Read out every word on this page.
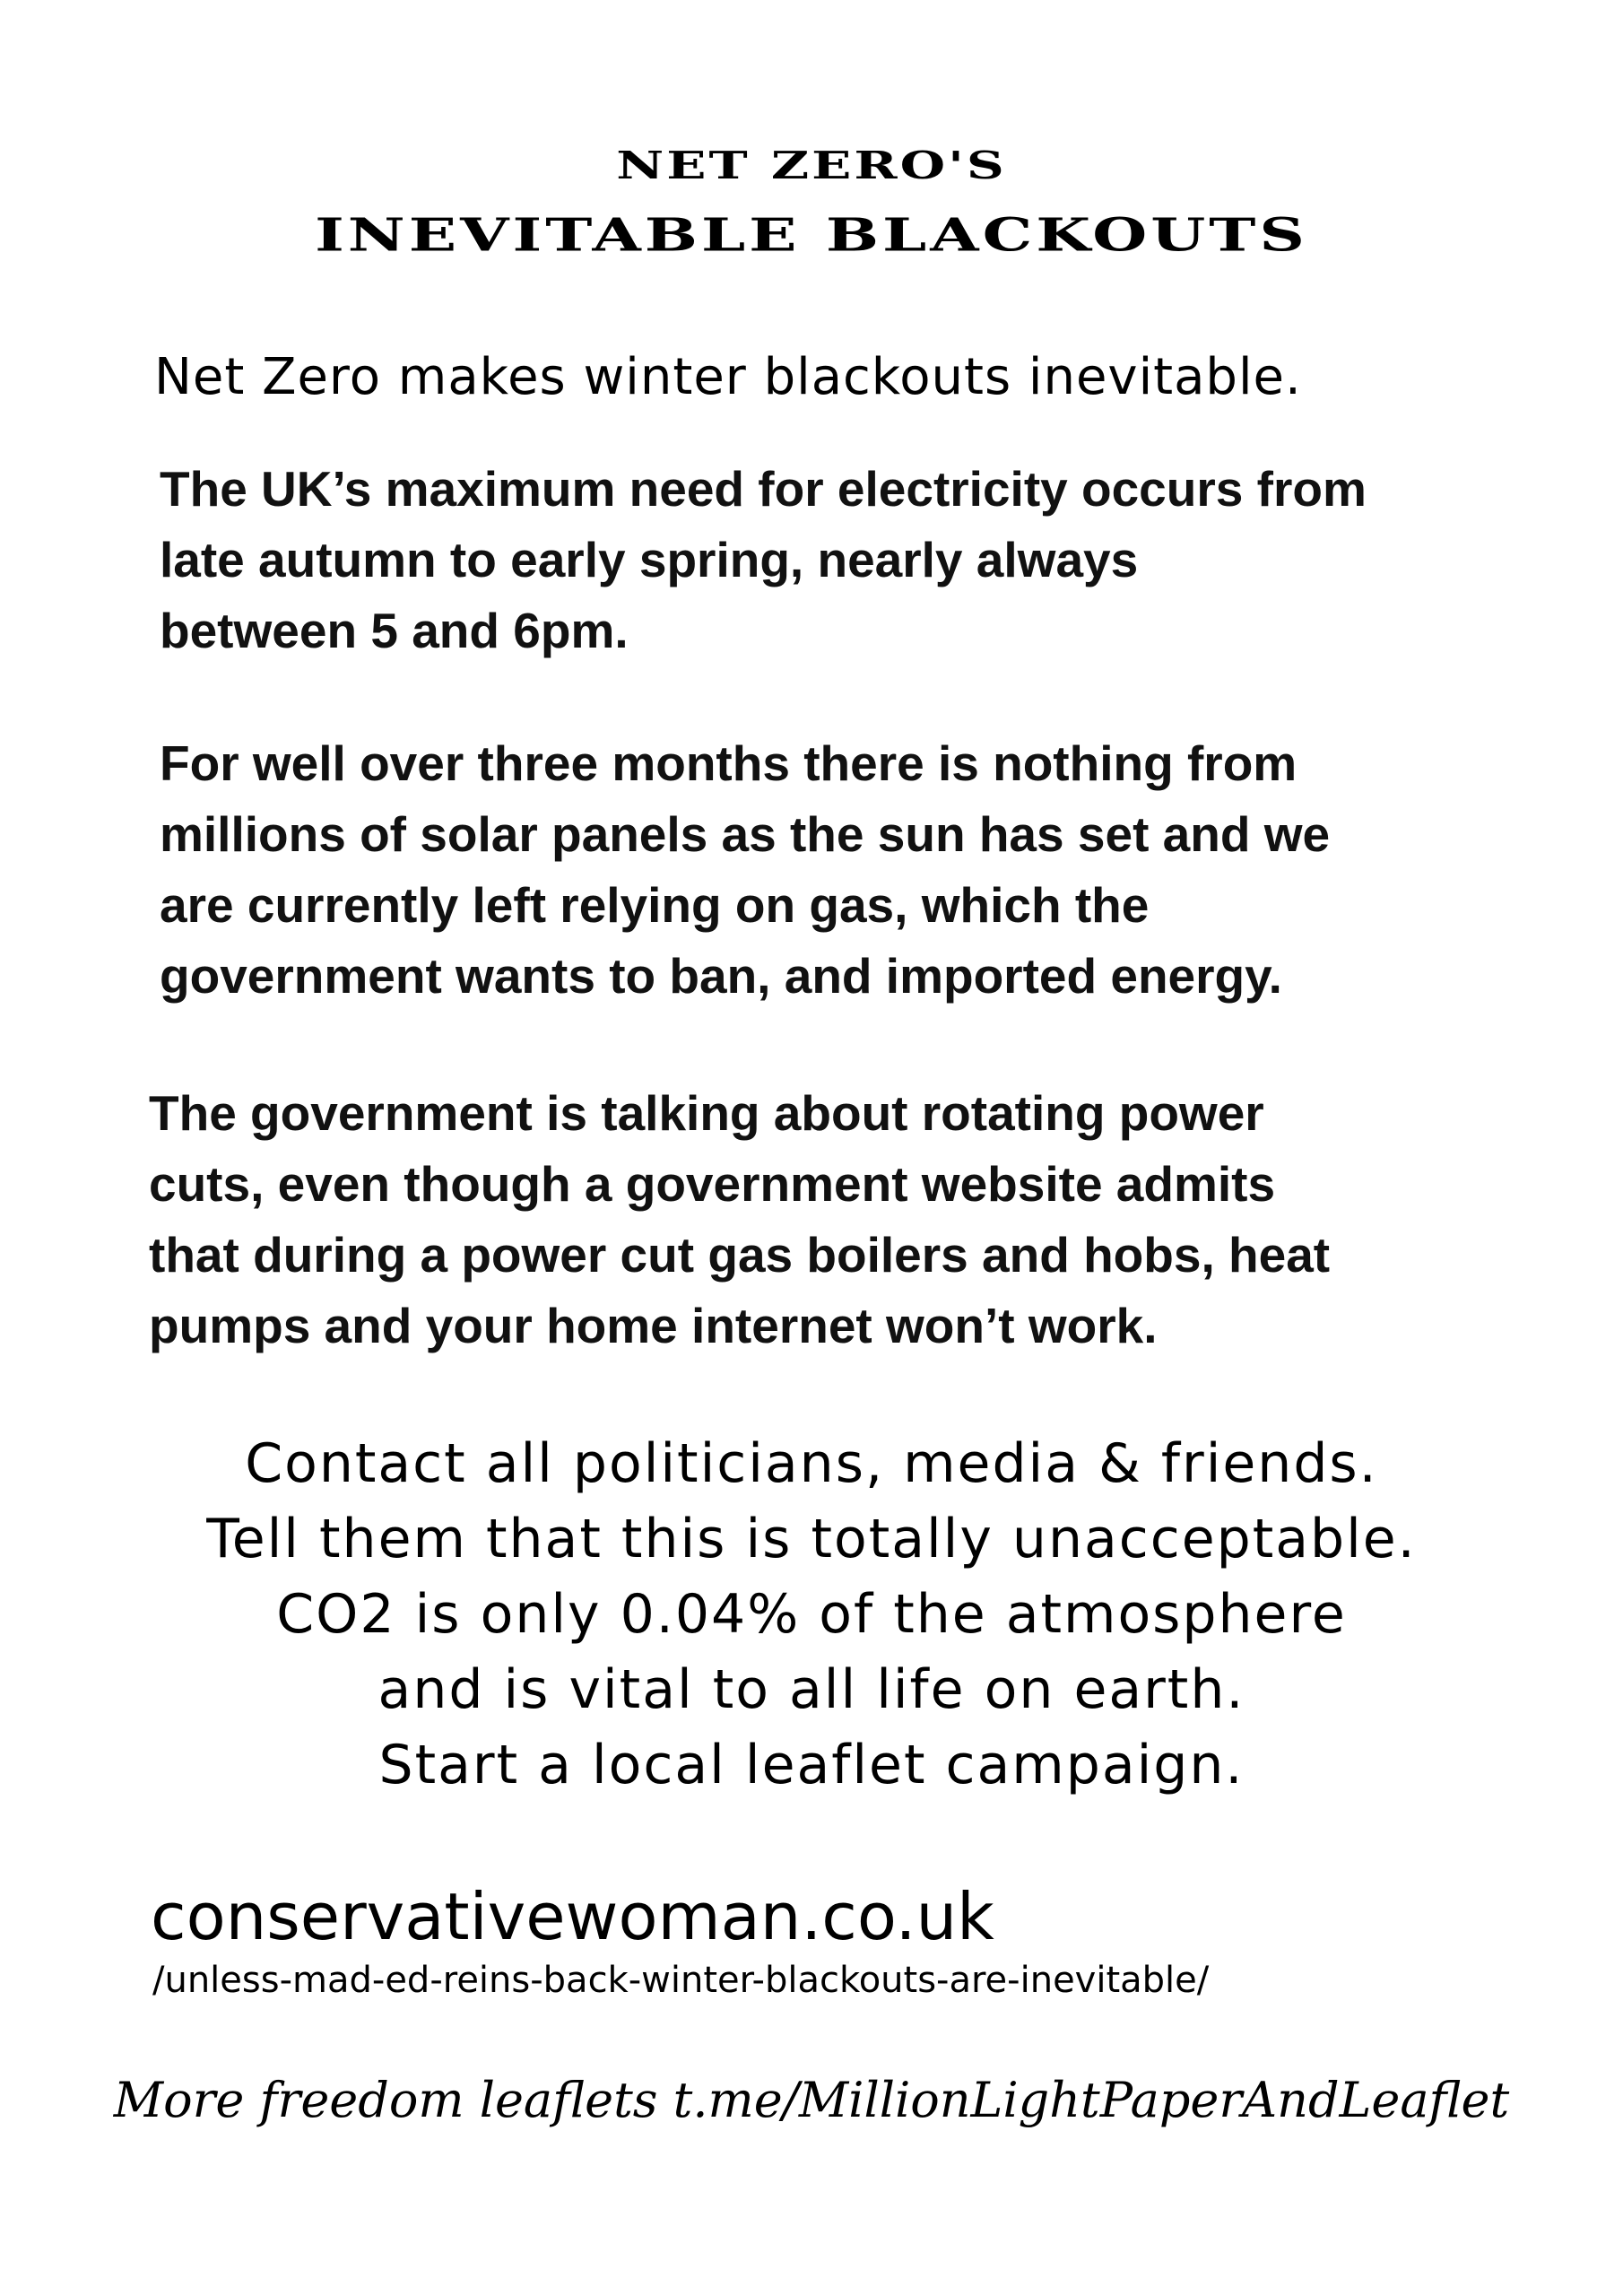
NET ZERO'S
INEVITABLE BLACKOUTS
Net Zero makes winter blackouts inevitable.
The UK’s maximum need for electricity occurs from
late autumn to early spring, nearly always
between 5 and 6pm.
For well over three months there is nothing from
millions of solar panels as the sun has set and we
are currently left relying on gas, which the
government wants to ban, and imported energy.
The government is talking about rotating power
cuts, even though a government website admits
that during a power cut gas boilers and hobs, heat
pumps and your home internet won’t work.
Contact all politicians, media & friends.
Tell them that this is totally unacceptable.
CO2 is only 0.04% of the atmosphere
and is vital to all life on earth.
Start a local leaflet campaign.
conservativewoman.co.uk
/unless-mad-ed-reins-back-winter-blackouts-are-inevitable/
More freedom leaflets t.me/MillionLightPaperAndLeaflet
